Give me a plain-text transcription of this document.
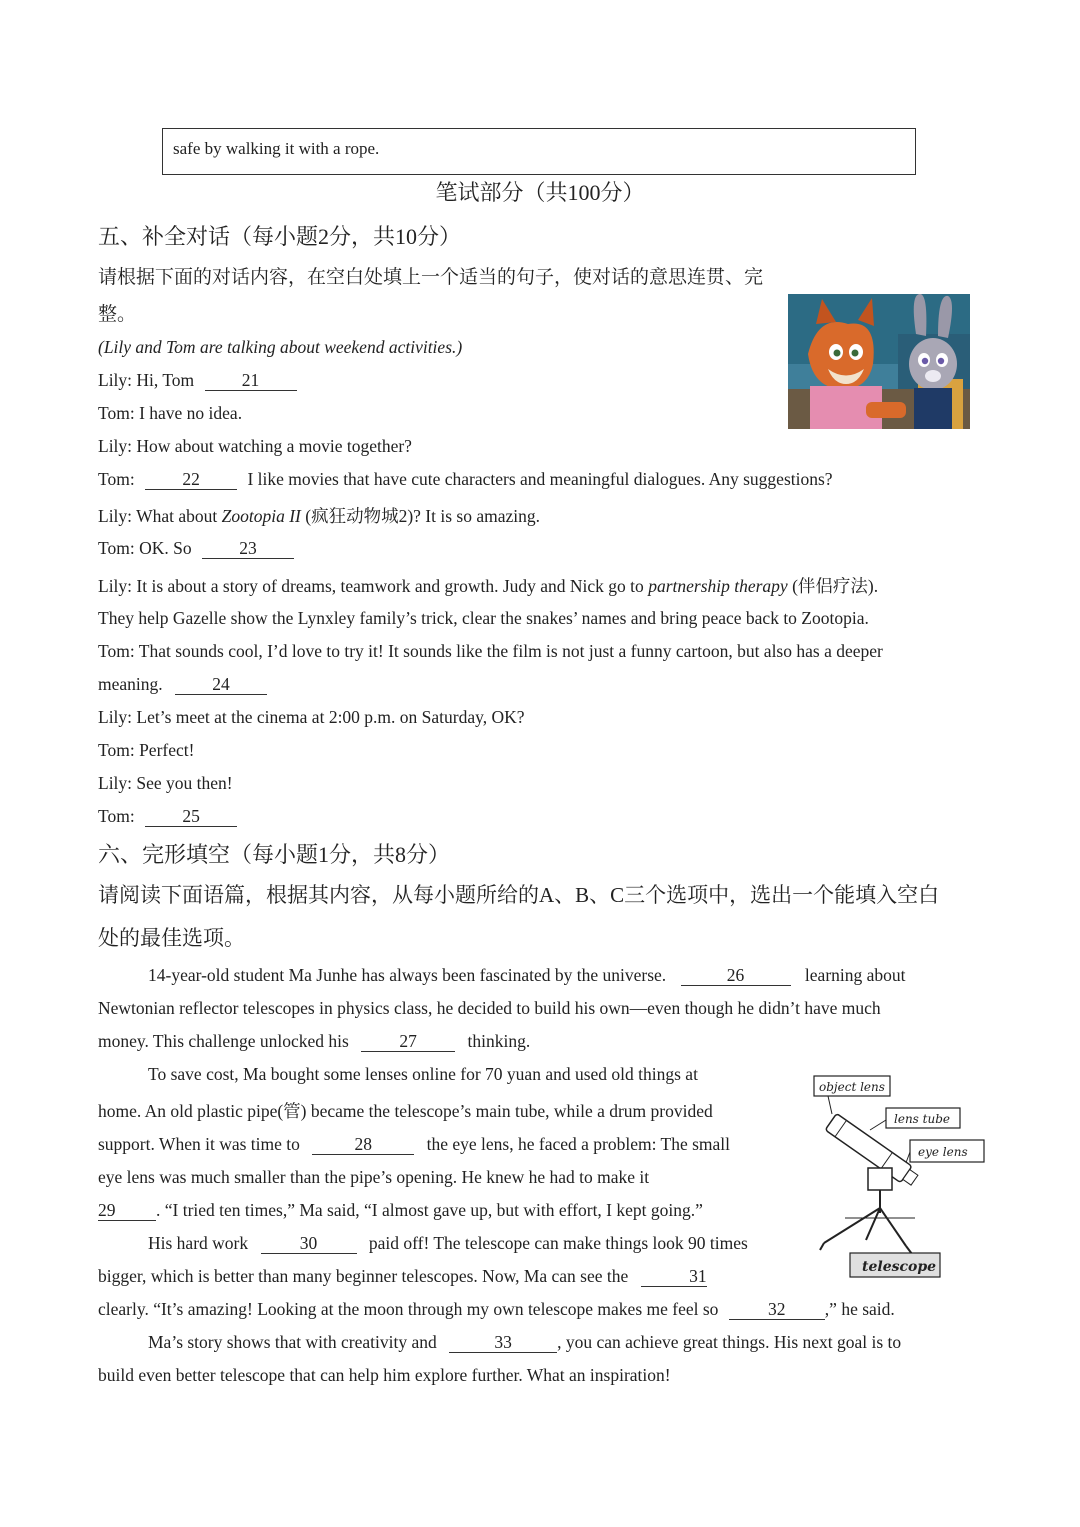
safe by walking it with a rope.
笔试部分（共100分）
五、补全对话（每小题2分，共10分）
请根据下面的对话内容，在空白处填上一个适当的句子，使对话的意思连贯、完
整。
(Lily and Tom are talking about weekend activities.)
Lily: Hi, Tom	21
Tom: I have no idea.
Lily: How about watching a movie together?
Tom:	22	I like movies that have cute characters and meaningful dialogues. Any suggestions?
Lily: What about Zootopia II (疯狂动物城2)? It is so amazing.
Tom: OK. So	23
Lily: It is about a story of dreams, teamwork and growth. Judy and Nick go to partnership therapy (伴侣疗法).
They help Gazelle show the Lynxley family’s trick, clear the snakes’ names and bring peace back to Zootopia.
Tom: That sounds cool, I’d love to try it! It sounds like the film is not just a funny cartoon, but also has a deeper
meaning.	24
Lily: Let’s meet at the cinema at 2:00 p.m. on Saturday, OK?
Tom: Perfect!
Lily: See you then!
Tom:	25
六、完形填空（每小题1分，共8分）
请阅读下面语篇，根据其内容，从每小题所给的A、B、C三个选项中，选出一个能填入空白
处的最佳选项。
14-year-old student Ma Junhe has always been fascinated by the universe.	26	learning about
Newtonian reflector telescopes in physics class, he decided to build his own—even though he didn’t have much
money. This challenge unlocked his	27	thinking.
To save cost, Ma bought some lenses online for 70 yuan and used old things at
home. An old plastic pipe(管) became the telescope’s main tube, while a drum provided
support. When it was time to	28	the eye lens, he faced a problem: The small
eye lens was much smaller than the pipe’s opening. He knew he had to make it
29 . “I tried ten times,” Ma said, “I almost gave up, but with effort, I kept going.”
His hard work	30	paid off! The telescope can make things look 90 times
bigger, which is better than many beginner telescopes. Now, Ma can see the	31
clearly. “It’s amazing! Looking at the moon through my own telescope makes me feel so	32 ,” he said.
Ma’s story shows that with creativity and	33	, you can achieve great things. His next goal is to
build even better telescope that can help him explore further. What an inspiration!
object lens
lens tube
eye lens
telescope
